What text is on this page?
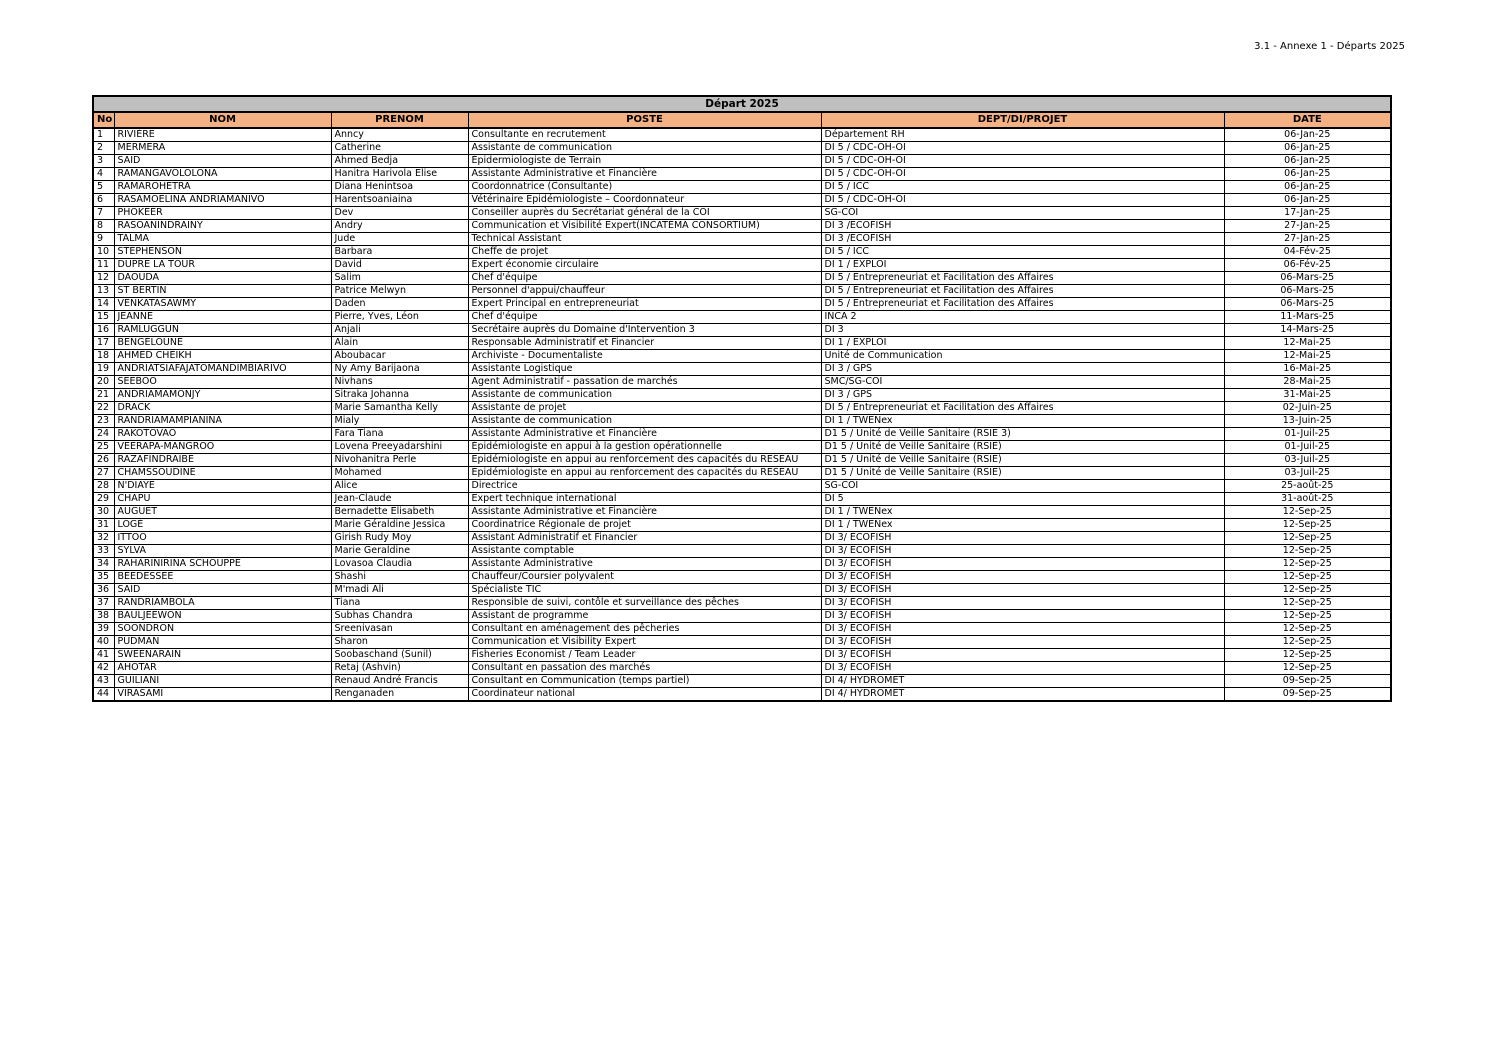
3.1 - Annexe 1 - Départs 2025
Départ 2025					
No	NOM	PRENOM	POSTE	DEPT/DI/PROJET	DATE
1	RIVIÈRE	Anncy	Consultante en recrutement	Département RH	06-Jan-25
2	MERMERA	Catherine	Assistante de communication	DI 5 / CDC-OH-OI	06-Jan-25
3	SAID	Ahmed Bedja	Épidermiologiste de Terrain	DI 5 / CDC-OH-OI	06-Jan-25
4	RAMANGAVOLOLONA	Hanitra Harivola Elise	Assistante Administrative et Financière	DI 5 / CDC-OH-OI	06-Jan-25
5	RAMAROHETRA	Diana Henintsoa	Coordonnatrice (Consultante)	DI 5 / ICC	06-Jan-25
6	RASAMOELINA ANDRIAMANIVO	Harentsoaniaina	Vétérinaire Epidémiologiste – Coordonnateur	DI 5 / CDC-OH-OI	06-Jan-25
7	PHOKEER	Dev	Conseiller auprès du Secrétariat général de la COI	SG-COI	17-Jan-25
8	RASOANINDRAINY	Andry	Communication et Visibilité Expert(INCATEMA CONSORTIUM)	DI 3 /ECOFISH	27-Jan-25
9	TALMA	Jude	Technical Assistant	DI 3 /ECOFISH	27-Jan-25
10	STEPHENSON	Barbara	Cheffe de projet	DI 5 / ICC	04-Fév-25
11	DUPRE LA TOUR	David	Expert économie circulaire	DI 1 / EXPLOI	06-Fév-25
12	DAOUDA	Salim	Chef d'équipe	DI 5 / Entrepreneuriat et Facilitation des Affaires	06-Mars-25
13	ST BERTIN	Patrice Melwyn	Personnel d'appui/chauffeur	DI 5 / Entrepreneuriat et Facilitation des Affaires	06-Mars-25
14	VENKATASAWMY	Daden	Expert Principal en entrepreneuriat	DI 5 / Entrepreneuriat et Facilitation des Affaires	06-Mars-25
15	JEANNE	Pierre, Yves, Léon	Chef d'équipe	INCA 2	11-Mars-25
16	RAMLUGGUN	Anjali	Secrétaire auprès du Domaine d'Intervention 3	DI 3	14-Mars-25
17	BENGELOUNE	Alain	Responsable Administratif et Financier	DI 1 / EXPLOI	12-Mai-25
18	AHMED CHEIKH	Aboubacar	Archiviste - Documentaliste	Unité de Communication	12-Mai-25
19	ANDRIATSIAFAJATOMANDIMBIARIVO	Ny Amy Barijaona	Assistante Logistique	DI 3 / GPS	16-Mai-25
20	SEEBOO	Nivhans	Agent Administratif - passation de marchés	SMC/SG-COI	28-Mai-25
21	ANDRIAMAMONJY	Sitraka Johanna	Assistante de communication	DI 3 / GPS	31-Mai-25
22	DRACK	Marie Samantha Kelly	Assistante de projet	DI 5 / Entrepreneuriat et Facilitation des Affaires	02-Juin-25
23	RANDRIAMAMPIANINA	Mialy	Assistante de communication	DI 1 / TWENex	13-Juin-25
24	RAKOTOVAO	Fara Tiana	Assistante Administrative et Financière	D1 5 / Unité de Veille Sanitaire (RSIE 3)	01-Juil-25
25	VEERAPA-MANGROO	Lovena Preeyadarshini	Épidémiologiste en appui à la gestion opérationnelle	D1 5 / Unité de Veille Sanitaire (RSIE)	01-Juil-25
26	RAZAFINDRAIBE	Nivohanitra Perle	Epidémiologiste en appui au renforcement des capacités du RESEAU	D1 5 / Unité de Veille Sanitaire (RSIE)	03-Juil-25
27	CHAMSSOUDINE	Mohamed	Epidémiologiste en appui au renforcement des capacités du RESEAU	D1 5 / Unité de Veille Sanitaire (RSIE)	03-Juil-25
28	N'DIAYE	Alice	Directrice	SG-COI	25-août-25
29	CHAPU	Jean-Claude	Expert technique international	DI 5	31-août-25
30	AUGUET	Bernadette Elisabeth	Assistante Administrative et Financière	DI 1 / TWENex	12-Sep-25
31	LOGÉ	Marie Géraldine Jessica	Coordinatrice Régionale de projet	DI 1 / TWENex	12-Sep-25
32	ITTOO	Girish Rudy Moy	Assistant Administratif et Financier	DI 3/ ECOFISH	12-Sep-25
33	SYLVA	Marie Geraldine	Assistante comptable	DI 3/ ECOFISH	12-Sep-25
34	RAHARINIRINA SCHOUPPE	Lovasoa Claudia	Assistante Administrative	DI 3/ ECOFISH	12-Sep-25
35	BEEDESSEE	Shashi	Chauffeur/Coursier polyvalent	DI 3/ ECOFISH	12-Sep-25
36	SAID	M'madi Ali	Spécialiste TIC	DI 3/ ECOFISH	12-Sep-25
37	RANDRIAMBOLA	Tiana	Responsible de suivi, contôle et surveillance des pêches	DI 3/ ECOFISH	12-Sep-25
38	BAULJEEWON	Subhas Chandra	Assistant de programme	DI 3/ ECOFISH	12-Sep-25
39	SOONDRON	Sreenivasan	Consultant en aménagement des pêcheries	DI 3/ ECOFISH	12-Sep-25
40	PUDMAN	Sharon	Communication et Visibility Expert	DI 3/ ECOFISH	12-Sep-25
41	SWEENARAIN	Soobaschand (Sunil)	Fisheries Economist / Team Leader	DI 3/ ECOFISH	12-Sep-25
42	AHOTAR	Retaj (Ashvin)	Consultant en passation des marchés	DI 3/ ECOFISH	12-Sep-25
43	GUILIANI	Renaud André Francis	Consultant en Communication (temps partiel)	DI 4/ HYDROMET	09-Sep-25
44	VIRASAMI	Renganaden	Coordinateur national	DI 4/ HYDROMET	09-Sep-25
